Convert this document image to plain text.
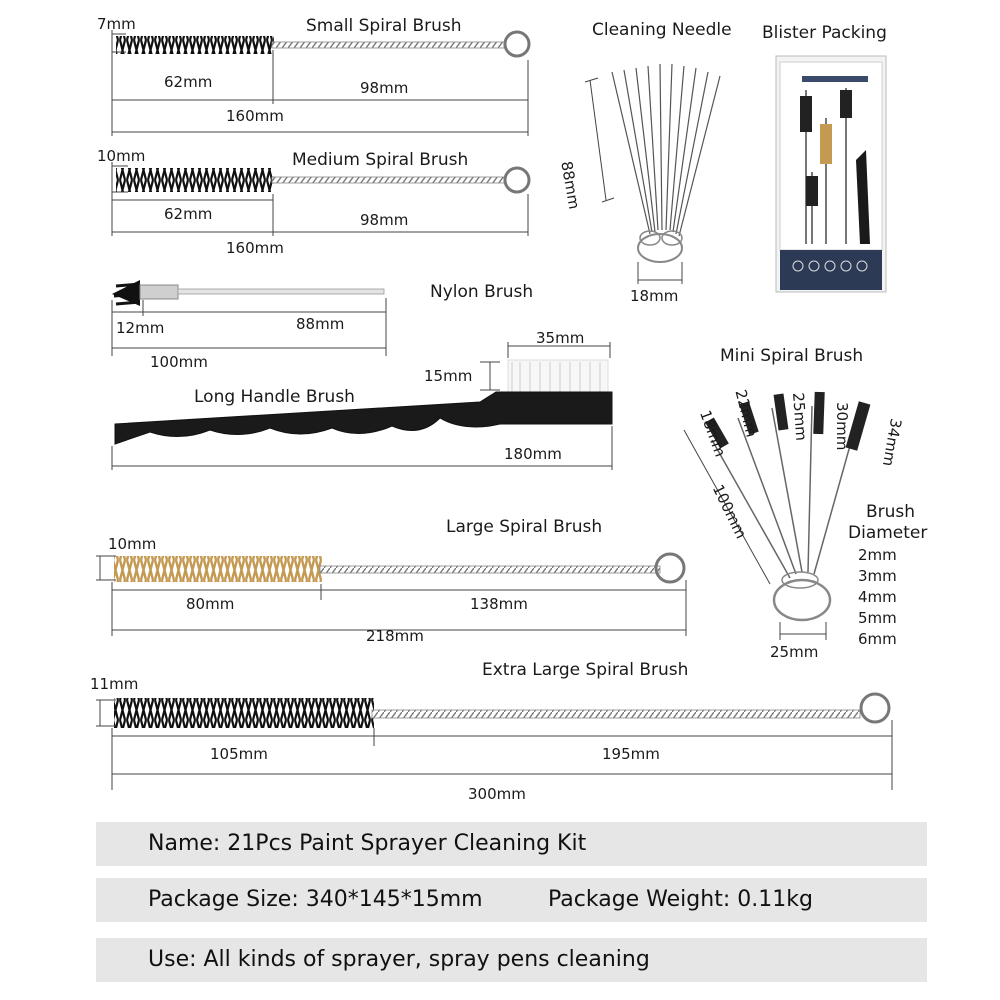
Small Spiral Brush
7mm
62mm	98mm
160mm
Medium Spiral Brush
10mm
62mm	98mm
160mm
Nylon Brush
12mm	88mm
100mm
Long Handle Brush
35mm
15mm
180mm
Large Spiral Brush
10mm
80mm	138mm
218mm
Extra Large Spiral Brush
11mm
105mm	195mm
300mm
Cleaning Needle
88mm
18mm
Blister Packing
Mini Spiral Brush
18mm 22mm 25mm 30mm 34mm
100mm
25mm
Brush
Diameter
2mm
3mm
4mm
5mm
6mm
Name: 21Pcs Paint Sprayer Cleaning Kit
Package Size: 340*145*15mm	Package Weight: 0.11kg
Use: All kinds of sprayer, spray pens cleaning
